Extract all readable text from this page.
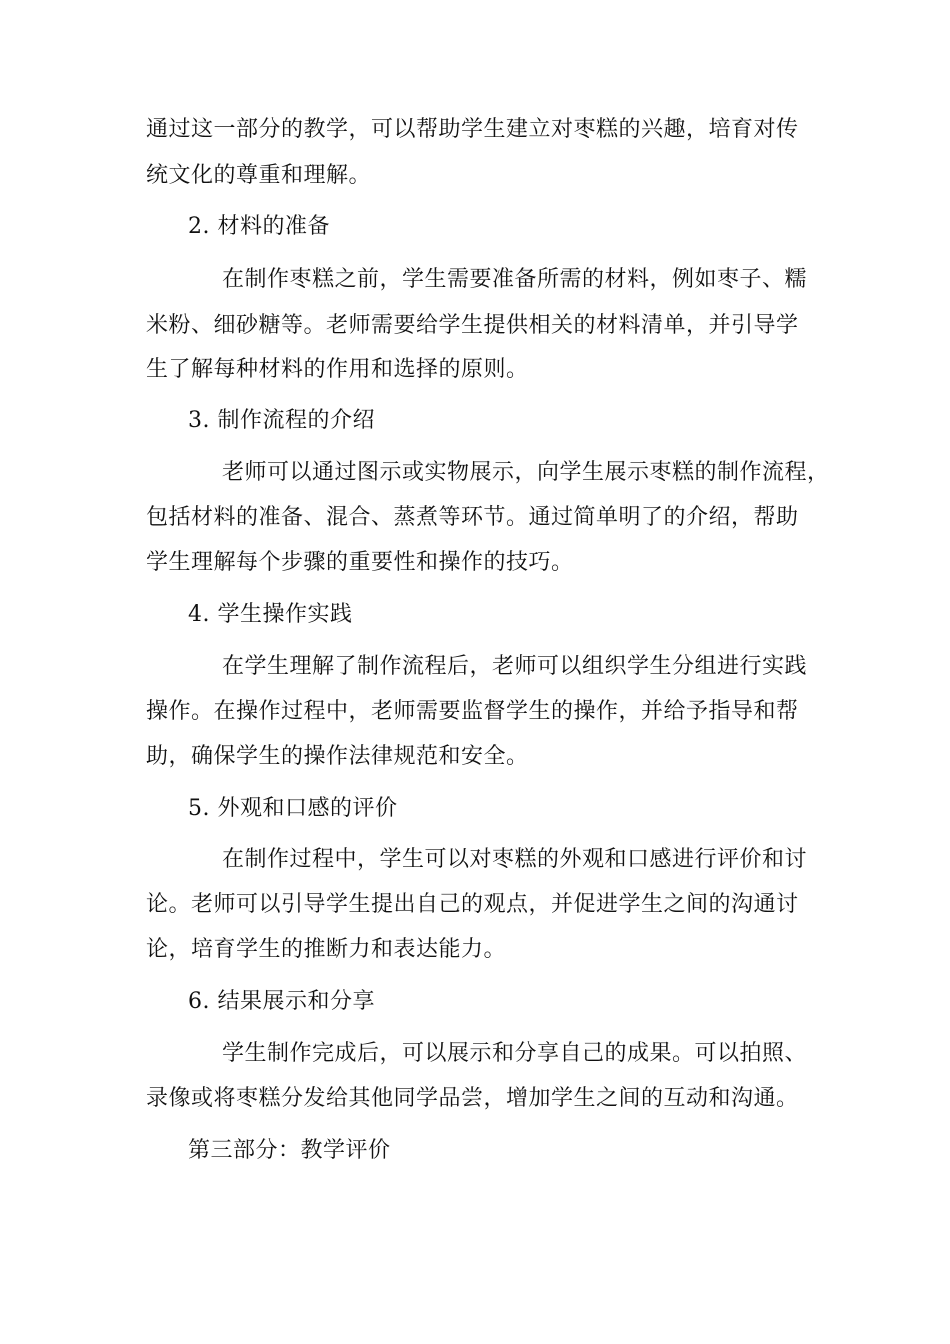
通过这一部分的教学，可以帮助学生建立对枣糕的兴趣，培育对传
统文化的尊重和理解。
2. 材料的准备
在制作枣糕之前，学生需要准备所需的材料，例如枣子、糯
米粉、细砂糖等。老师需要给学生提供相关的材料清单，并引导学
生了解每种材料的作用和选择的原则。
3. 制作流程的介绍
老师可以通过图示或实物展示，向学生展示枣糕的制作流程，
包括材料的准备、混合、蒸煮等环节。通过简单明了的介绍，帮助
学生理解每个步骤的重要性和操作的技巧。
4. 学生操作实践
在学生理解了制作流程后，老师可以组织学生分组进行实践
操作。在操作过程中，老师需要监督学生的操作，并给予指导和帮
助，确保学生的操作法律规范和安全。
5. 外观和口感的评价
在制作过程中，学生可以对枣糕的外观和口感进行评价和讨
论。老师可以引导学生提出自己的观点，并促进学生之间的沟通讨
论，培育学生的推断力和表达能力。
6. 结果展示和分享
学生制作完成后，可以展示和分享自己的成果。可以拍照、
录像或将枣糕分发给其他同学品尝，增加学生之间的互动和沟通。
第三部分：教学评价
